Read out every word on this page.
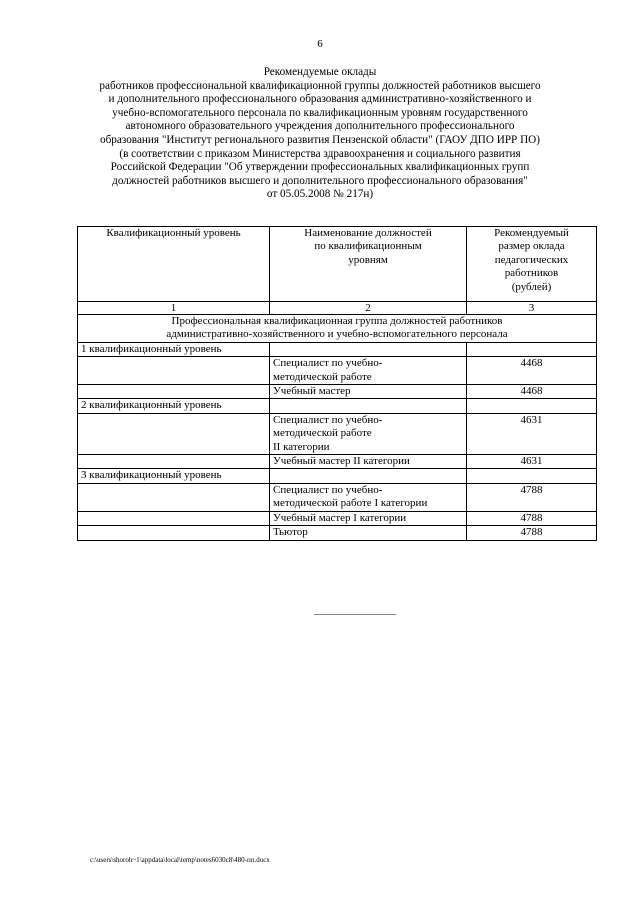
6
Рекомендуемые оклады
работников профессиональной квалификационной группы должностей работников высшего
и дополнительного профессионального образования административно-хозяйственного и
учебно-вспомогательного персонала по квалификационным уровням государственного
автономного образовательного учреждения дополнительного профессионального
образования "Институт регионального развития Пензенской области" (ГАОУ ДПО ИРР ПО)
(в соответствии с приказом Министерства здравоохранения и социального развития
Российской Федерации "Об утверждении профессиональных квалификационных групп
должностей работников высшего и дополнительного профессионального образования"
от 05.05.2008 № 217н)
Квалификационный уровень	Наименование должностей
по квалификационным
уровням	Рекомендуемый
размер оклада
педагогических
работников
(рублей)
1	2	3
Профессиональная квалификационная группа должностей работников
административно-хозяйственного и учебно-вспомогательного персонала		
1 квалификационный уровень		
	Специалист по учебно-
методической работе	4468
	Учебный мастер	4468
2 квалификационный уровень		
	Специалист по учебно-
методической работе
II категории	4631
	Учебный мастер II категории	4631
3 квалификационный уровень		
	Специалист по учебно-
методической работе I категории	4788
	Учебный мастер I категории	4788
	Тьютор	4788
c:\users\shoroh~1\appdata\local\temp\notes6030c8\480-пп.docx
